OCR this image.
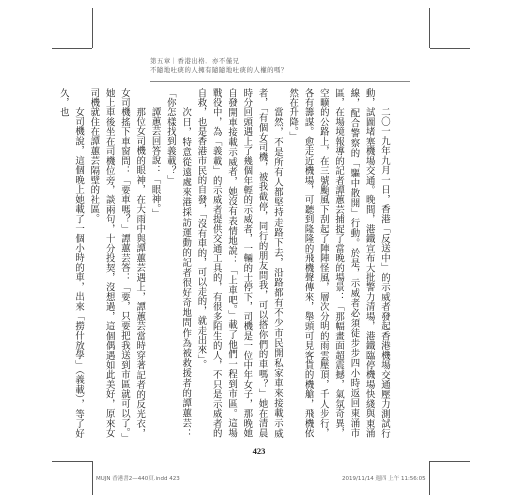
第五章｜香港出格．亦不僅兄
不隨地吐痰的人擁有隨隨地吐痰的人權的嗎？

二〇一九年九月一日，香港「反送中」的示威者發起香港機場交通壓力測試行動，試圖堵塞機場交通。晚間，港鐵宣布大批警力清場，港鐵臨停機場快綫與東涌線，配合警察的「驅中散開」行動。於是，示威者必須徒步步四小時返回東涌市區，在場境報導的記者譚蕙芸捕捉了當晚的場景：「那幅畫面超震撼，氣氛奇異，空曠的公路上，在三號颱風下刮起了陣陣怪風，層次分明的雨雲壓頂，千人步行，各有籌謀。愈走近機場，可聽到隆隆的飛機聲傳來，舉頭可見客貨的機艙，飛機依然在升降。」

當然，不是所有人都堅持走路下去，沿路都有不少市民開私家車來接載示威者，「有個女司機，被我截停，同行的朋友問我，可以搭你們的車嗎？」她在清晨時分回頭遇上了幾個年輕的示威者，一輛的士停下，司機是一位中年女子，那晚她自發開車接載示威者，她沒有表情地說：「上車吧。」載了他們一程到市區。這場戰役中，為「義載」的示威者提供交通工具的，有很多陌生的人，不只是示威者的自救，也是香港市民的自發，「沒有車的，可以走的，就走出來」。

次日，特意從遠處來港採訪運動的記者很好奇地問作為被救援者的譚蕙芸：「你怎樣找到義載？」

譚蕙芸回答說：「眼神。」

那位女司機的眼神，在大雨中與譚蕙芸遇上，譚蕙芸當時穿著記者的反光衣，女司機搖下車窗問：「要車嗎？」譚蕙芸答：「要，只要把我送到市區就可以了。」她上車後坐在司機位旁，談兩句，十分投契，沒想過，這個偶遇如此美好，原來女司機就住在譚蕙芸隔壁的社區。

女司機說，這個晚上她載了一個小時的車，出來「撈什放學」（義載），等了好久，也

423
MUJN 香港書2—440頁.indd 423	2019/11/14 週四 上午 11:56:05
